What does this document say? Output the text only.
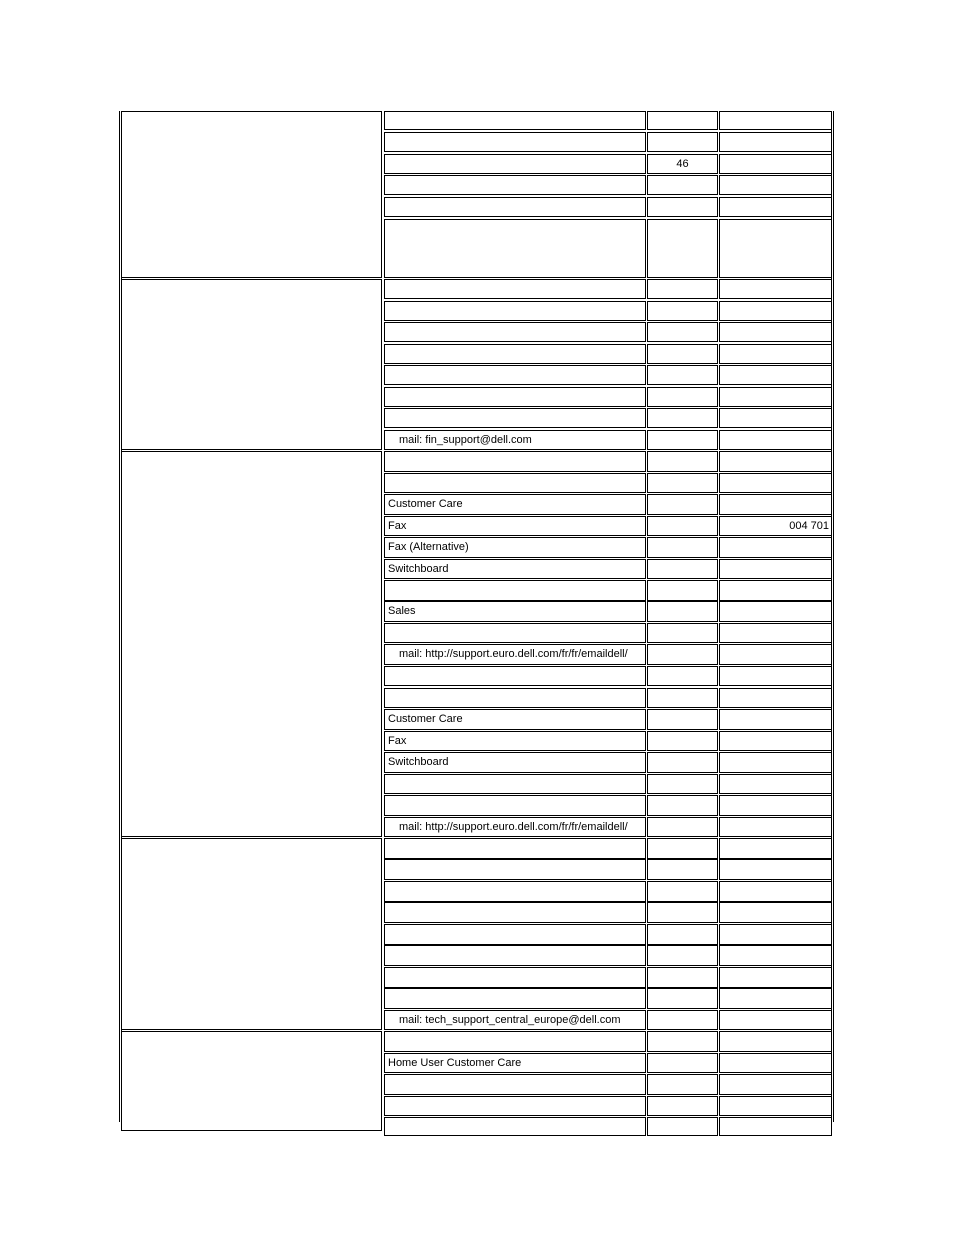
46
mail: fin_support@dell.com
Customer Care
Fax	004 701
Fax (Alternative)
Switchboard
Sales
mail: http://support.euro.dell.com/fr/fr/emaildell/
Customer Care
Fax
Switchboard
mail: http://support.euro.dell.com/fr/fr/emaildell/
mail: tech_support_central_europe@dell.com
Home User Customer Care
